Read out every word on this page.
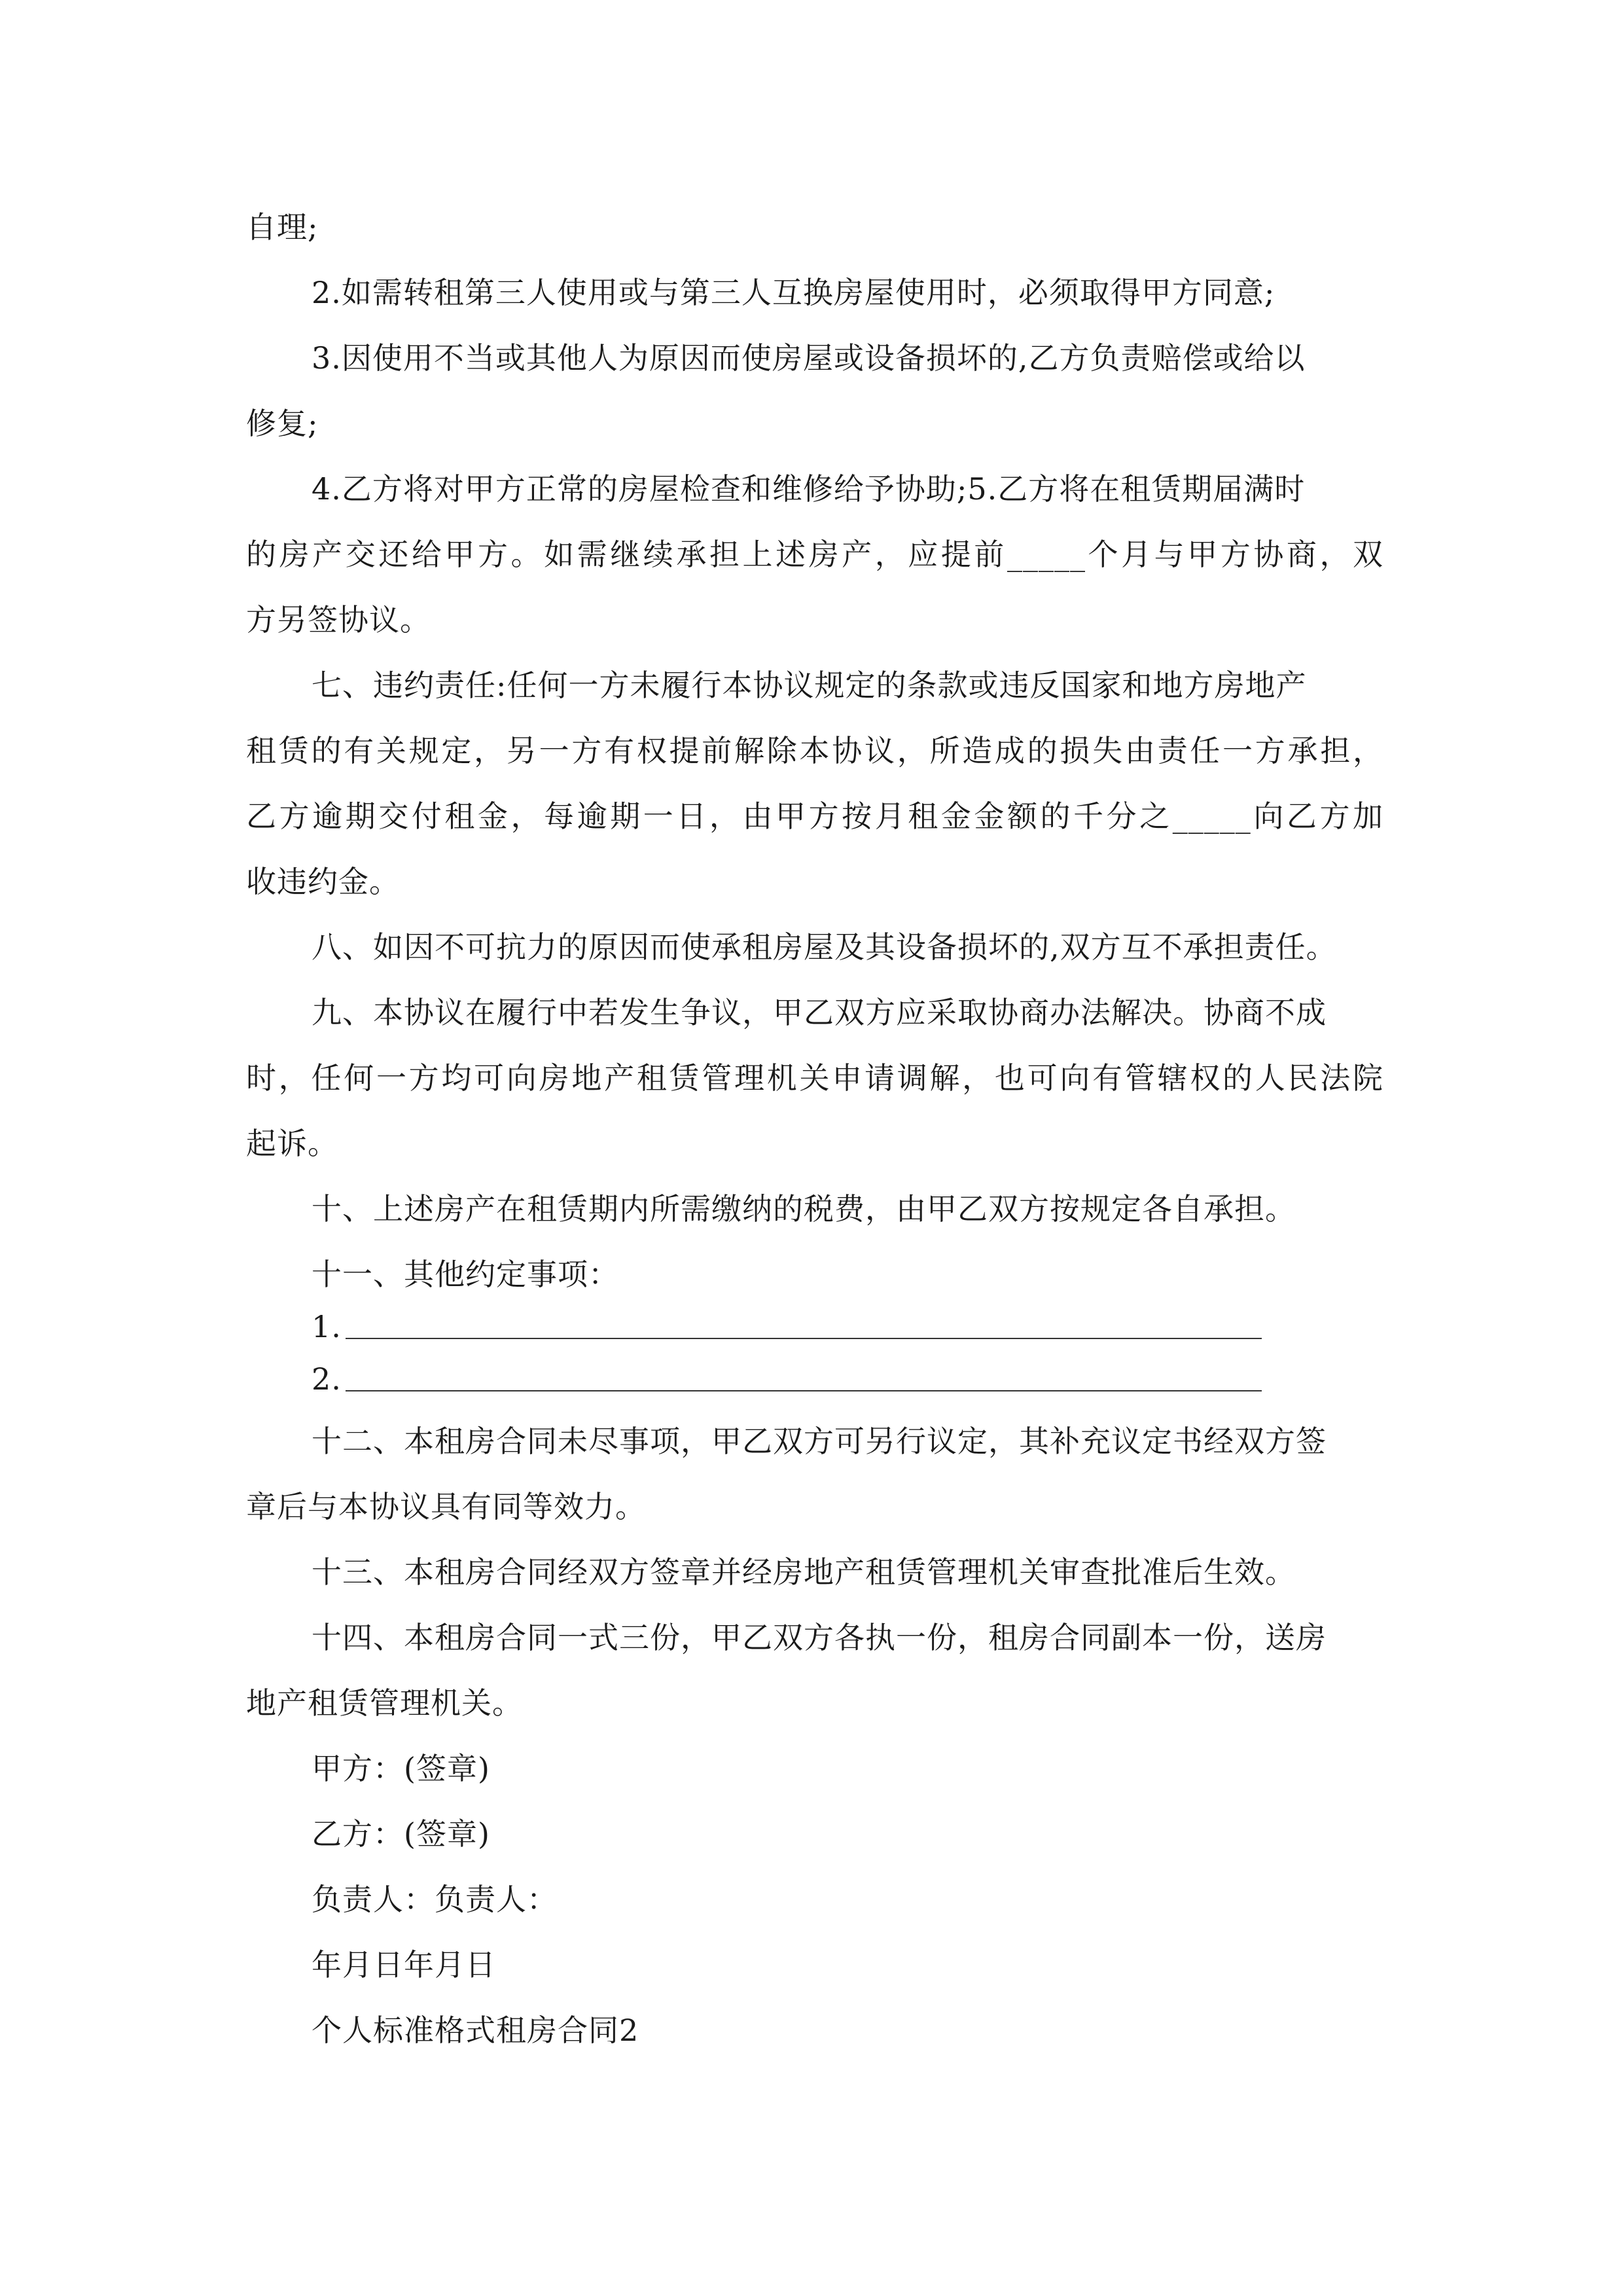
自理;
2.如需转租第三人使用或与第三人互换房屋使用时，必须取得甲方同意;
3.因使用不当或其他人为原因而使房屋或设备损坏的,乙方负责赔偿或给以
修复;
4.乙方将对甲方正常的房屋检查和维修给予协助;5.乙方将在租赁期届满时
的房产交还给甲方。如需继续承担上述房产，应提前_____个月与甲方协商，双
方另签协议。
七、违约责任:任何一方未履行本协议规定的条款或违反国家和地方房地产
租赁的有关规定，另一方有权提前解除本协议，所造成的损失由责任一方承担，
乙方逾期交付租金，每逾期一日，由甲方按月租金金额的千分之_____向乙方加
收违约金。
八、如因不可抗力的原因而使承租房屋及其设备损坏的,双方互不承担责任。
九、本协议在履行中若发生争议，甲乙双方应采取协商办法解决。协商不成
时，任何一方均可向房地产租赁管理机关申请调解，也可向有管辖权的人民法院
起诉。
十、上述房产在租赁期内所需缴纳的税费，由甲乙双方按规定各自承担。
十一、其他约定事项：
1.
2.
十二、本租房合同未尽事项，甲乙双方可另行议定，其补充议定书经双方签
章后与本协议具有同等效力。
十三、本租房合同经双方签章并经房地产租赁管理机关审查批准后生效。
十四、本租房合同一式三份，甲乙双方各执一份，租房合同副本一份，送房
地产租赁管理机关。
甲方：(签章)
乙方：(签章)
负责人：负责人：
年月日年月日
个人标准格式租房合同2
